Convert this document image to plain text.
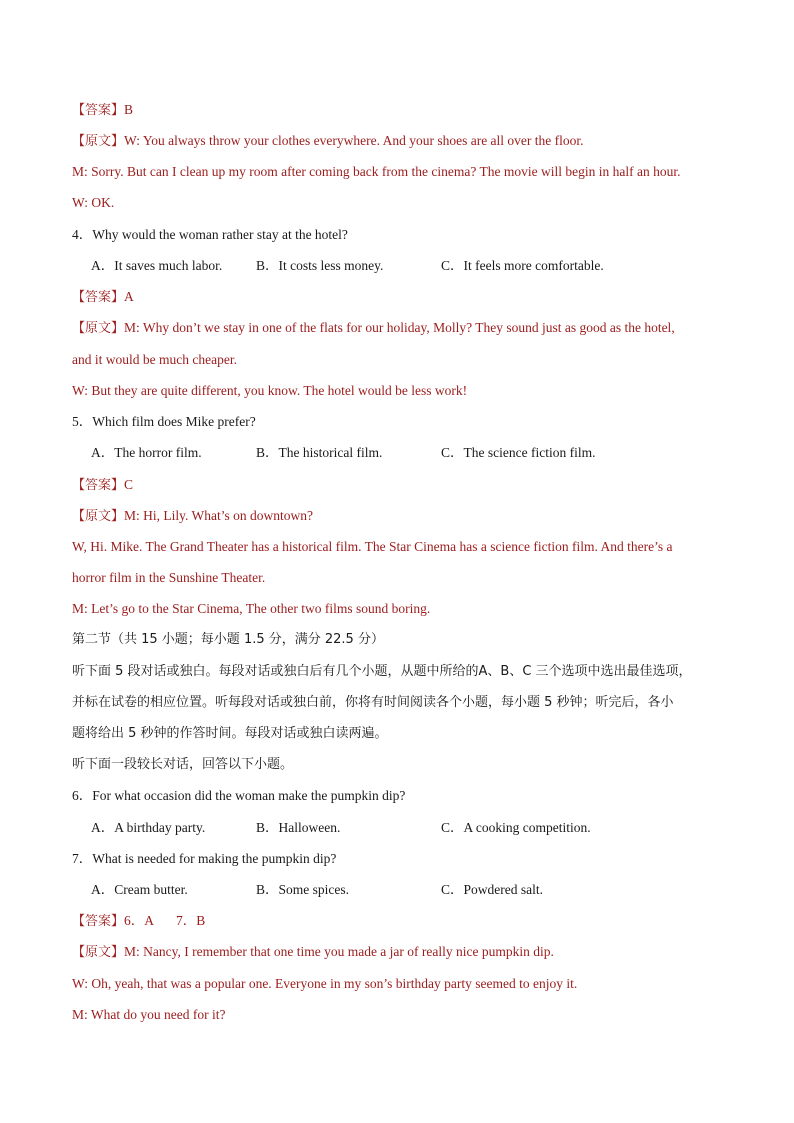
【答案】B
【原文】W: You always throw your clothes everywhere. And your shoes are all over the floor.
M: Sorry. But can I clean up my room after coming back from the cinema? The movie will begin in half an hour.
W: OK.
4．Why would the woman rather stay at the hotel?
A．It saves much labor.	B．It costs less money.	C．It feels more comfortable.
【答案】A
【原文】M: Why don’t we stay in one of the flats for our holiday, Molly? They sound just as good as the hotel,
and it would be much cheaper.
W: But they are quite different, you know. The hotel would be less work!
5．Which film does Mike prefer?
A．The horror film.	B．The historical film.	C．The science fiction film.
【答案】C
【原文】M: Hi, Lily. What’s on downtown?
W, Hi. Mike. The Grand Theater has a historical film. The Star Cinema has a science fiction film. And there’s a
horror film in the Sunshine Theater.
M: Let’s go to the Star Cinema, The other two films sound boring.
第二节（共 15 小题；每小题 1.5 分，满分 22.5 分）
听下面 5 段对话或独白。每段对话或独白后有几个小题，从题中所给的A、B、C 三个选项中选出最佳选项，
并标在试卷的相应位置。听每段对话或独白前，你将有时间阅读各个小题，每小题 5 秒钟；听完后，各小
题将给出 5 秒钟的作答时间。每段对话或独白读两遍。
听下面一段较长对话，回答以下小题。
6．For what occasion did the woman make the pumpkin dip?
A．A birthday party.	B．Halloween.	C．A cooking competition.
7．What is needed for making the pumpkin dip?
A．Cream butter.	B．Some spices.	C．Powdered salt.
【答案】6．A 7．B
【原文】M: Nancy, I remember that one time you made a jar of really nice pumpkin dip.
W: Oh, yeah, that was a popular one. Everyone in my son’s birthday party seemed to enjoy it.
M: What do you need for it?
